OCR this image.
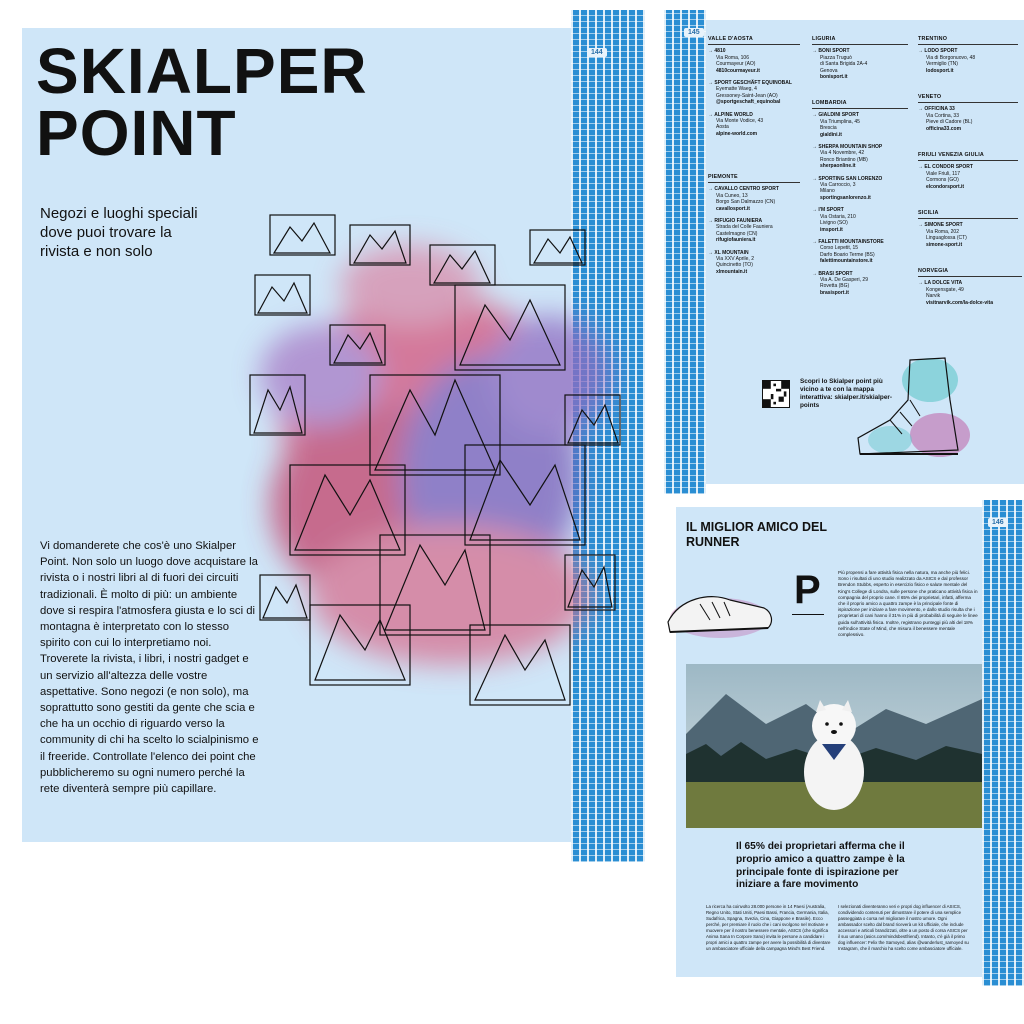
144
SKIALPER
POINT
Negozi e luoghi speciali dove puoi trovare la rivista e non solo
Vi domanderete che cos'è uno Skialper Point. Non solo un luogo dove acquistare la rivista o i nostri libri al di fuori dei circuiti tradizionali. È molto di più: un ambiente dove si respira l'atmosfera giusta e lo sci di montagna è interpretato con lo stesso spirito con cui lo interpretiamo noi. Troverete la rivista, i libri, i nostri gadget e un servizio all'altezza delle vostre aspettative. Sono negozi (e non solo), ma soprattutto sono gestiti da gente che scia e che ha un occhio di riguardo verso la community di chi ha scelto lo scialpinismo e il freeride. Controllate l'elenco dei point che pubblicheremo su ogni numero perché la rete diventerà sempre più capillare.
145
VALLE D'AOSTA
→ 4810
Via Roma, 106
Courmayeur (AO)
4810courmayeur.it
→ SPORT GESCHÄFT EQUINOBAL
Eyematte Waeg, 4
Gressoney-Saint-Jean (AO)
@sportgeschaft_equinobal
→ ALPINE WORLD
Via Monte Vodice, 43
Aosta
alpine-world.com
PIEMONTE
→ CAVALLO CENTRO SPORT
Via Cuneo, 13
Borgo San Dalmazzo (CN)
cavallosport.it
→ RIFUGIO FAUNIERA
Strada del Colle Fauniera
Castelmagno (CN)
rifugiofauniera.it
→ XL MOUNTAIN
Via XXV Aprile, 2
Quincinetto (TO)
xlmountain.it
LIGURIA
→ BONI SPORT
Piazza Truguò
di Santa Brigida 2A-4
Genova
bonisport.it
LOMBARDIA
→ GIALDINI SPORT
Via Triumplina, 45
Brescia
gialdini.it
→ SHERPA MOUNTAIN SHOP
Via 4 Novembre, 42
Ronco Briantino (MB)
sherpaonline.it
→ SPORTING SAN LORENZO
Via Carroccio, 3
Milano
sportingsanlorenzo.it
→ I'M SPORT
Via Ostaria, 210
Livigno (SO)
imsport.it
→ FALETTI MOUNTAINSTORE
Corso Lepetit, 15
Darfo Boario Terme (BS)
falettimountainstore.it
→ BRASI SPORT
Via A. De Gasperi, 29
Rovetta (BG)
brasisport.it
TRENTINO
→ LODO SPORT
Via di Borgonuovo, 48
Vermiglio (TN)
lodosport.it
VENETO
→ OFFICINA 33
Via Cortina, 33
Pieve di Cadore (BL)
officina33.com
FRIULI VENEZIA GIULIA
→ EL CONDOR SPORT
Viale Friuli, 117
Cormons (GO)
elcondorsport.it
SICILIA
→ SIMONE SPORT
Via Roma, 202
Linguaglossa (CT)
simone-sport.it
NORVEGIA
→ LA DOLCE VITA
Kongensgate, 49
Narvik
visitnarvik.com/la-dolce-vita
Scopri lo Skialper point più vicino a te con la mappa interattiva: skialper.it/skialper-points
146
IL MIGLIOR AMICO DEL RUNNER
P	Più propensi a fare attività fisica nella natura, ma anche più felici. Sono i risultati di uno studio realizzato da ASICS e dal professor Brendon Stubbs, esperto in esercizio fisico e salute mentale del King's College di Londra, sulle persone che praticano attività fisica in compagnia del proprio cane. Il 65% dei proprietari, infatti, afferma che il proprio amico a quattro zampe è la principale fonte di ispirazione per iniziare a fare movimento, e dallo studio risulta che i proprietari di cani hanno il 31% in più di probabilità di seguire le linee guida sull'attività fisica. Inoltre, registrano punteggi più alti del 18% nell'indice State of Mind, che misura il benessere mentale complessivo.
Il 65% dei proprietari afferma che il proprio amico a quattro zampe è la principale fonte di ispirazione per iniziare a fare movimento
La ricerca ha coinvolto 28.000 persone in 14 Paesi (Australia, Regno Unito, Stati Uniti, Paesi Bassi, Francia, Germania, Italia, Sudafrica, Spagna, Svezia, Cina, Giappone e Brasile). Ecco perché, per premiare il ruolo che i cani svolgono nel motivare e muovere per il nostro benessere mentale, ASICS (che significa Anima Sana In Corpore Sano) invita le persone a candidare i propri amici a quattro zampe per avere la possibilità di diventare un ambasciatore ufficiale della campagna Mind's Best Friend.
I selezionati diventeranno veri e propri dog influencer di ASICS, condividendo contenuti per dimostrare il potere di una semplice passeggiata o corsa nel migliorare il nostro umore. Ogni ambassador scelto dal brand riceverà un kit ufficiale, che include accessori e articoli brandizzati, oltre a un posto di corsa ASICS per il suo umano (asics.com/mindsbestfriend). Intanto, c'è già il primo dog influencer: Felix the Samoyed, alias @wanderlust_samoyed su Instagram, che il marchio ha scelto come ambasciatore ufficiale.
